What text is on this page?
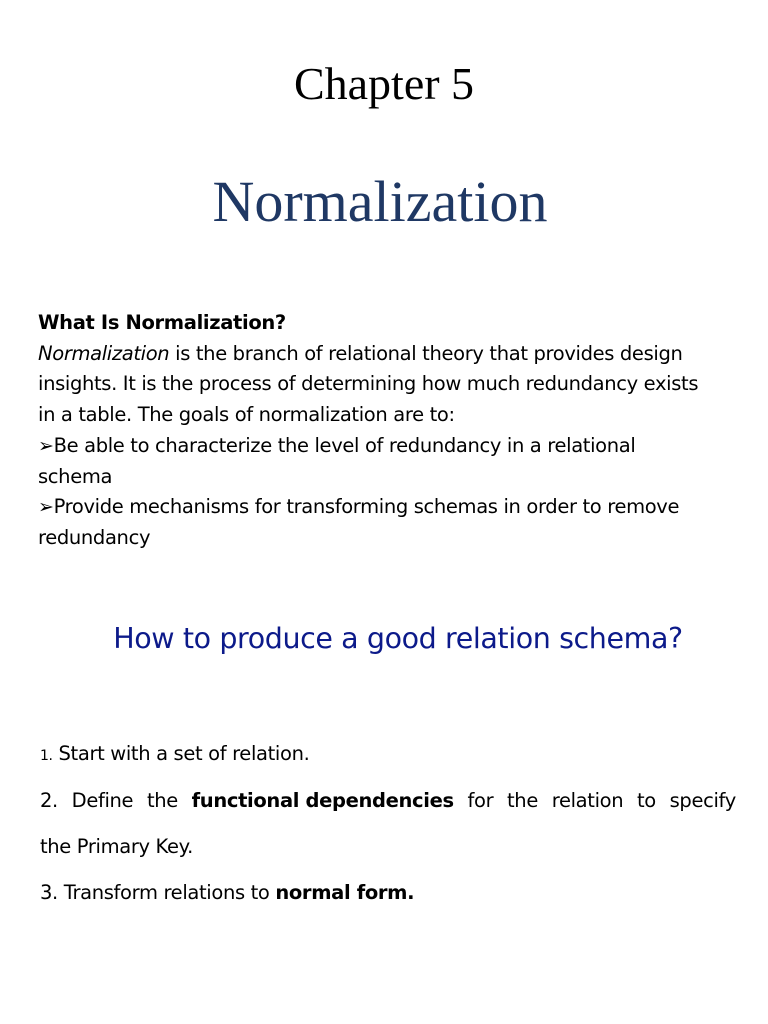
Chapter 5
Normalization

What Is Normalization?

Normalization is the branch of relational theory that provides design

insights. It is the process of determining how much redundancy exists

in a table. The goals of normalization are to:

➢Be able to characterize the level of redundancy in a relational

schema

➢Provide mechanisms for transforming schemas in order to remove

redundancy

How to produce a good relation schema?
1. Start with a set of relation.
2. Define the functional dependencies for the relation to specify
the Primary Key.
3. Transform relations to normal form.
